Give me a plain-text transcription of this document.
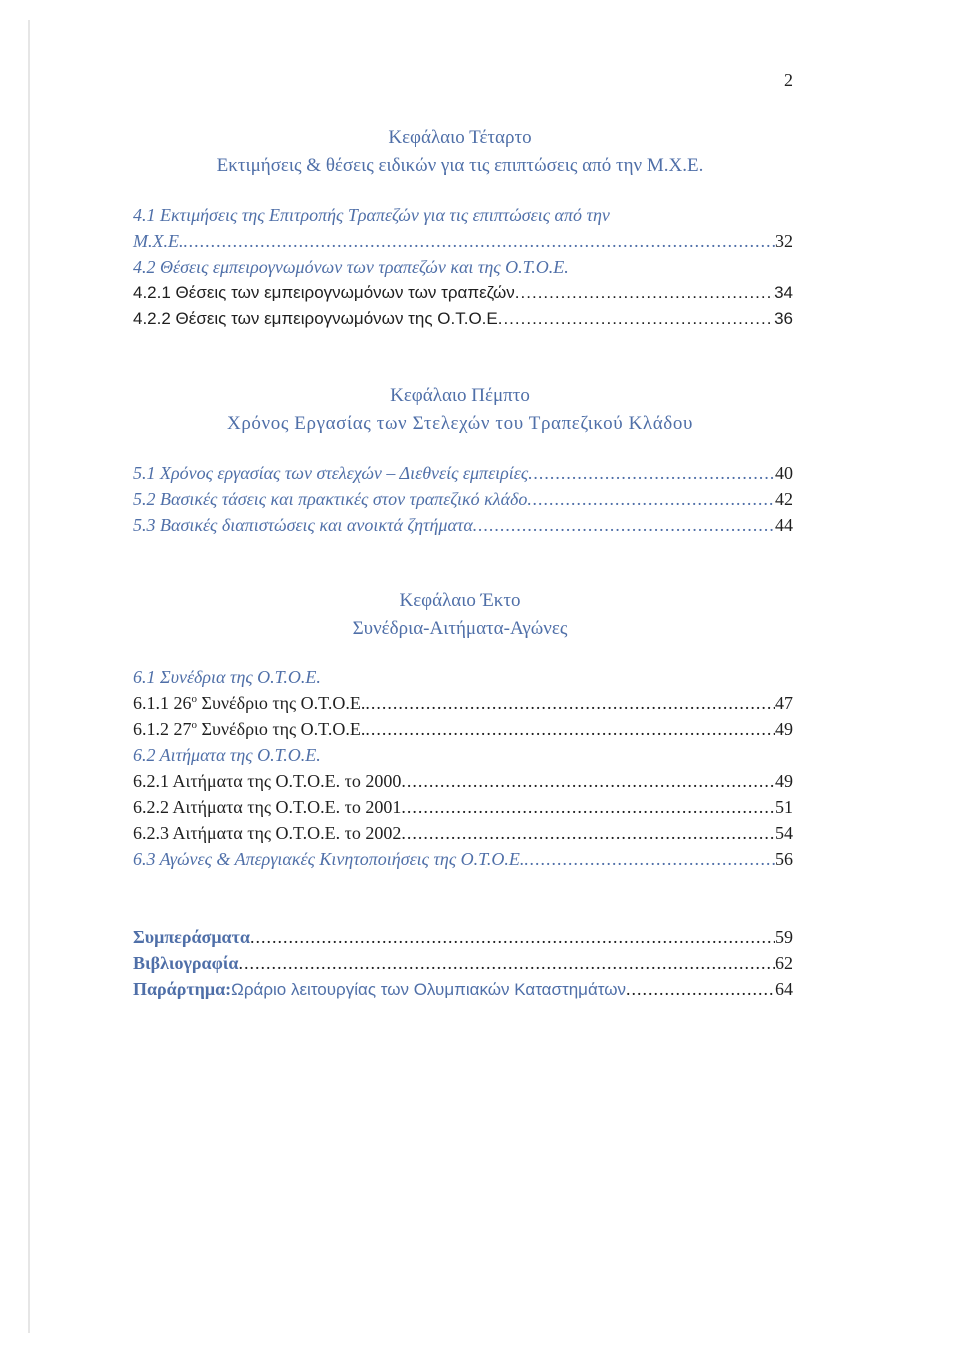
2
Κεφάλαιο Τέταρτο
Εκτιμήσεις & θέσεις ειδικών για τις επιπτώσεις από την Μ.Χ.Ε.
4.1 Εκτιμήσεις της Επιτροπής Τραπεζών για τις επιπτώσεις από την
Μ.Χ.Ε. .....	32
4.2 Θέσεις εμπειρογνωμόνων των τραπεζών και της Ο.Τ.Ο.Ε.
4.2.1 Θέσεις των εμπειρογνωμόνων των τραπεζών .....	34
4.2.2 Θέσεις των εμπειρογνωμόνων της Ο.Τ.Ο.Ε .....	36
Κεφάλαιο Πέμπτο
Χρόνος Εργασίας των Στελεχών του Τραπεζικού Κλάδου
5.1 Χρόνος εργασίας των στελεχών – Διεθνείς εμπειρίες .....	40
5.2 Βασικές τάσεις και πρακτικές στον τραπεζικό κλάδο .....	42
5.3 Βασικές διαπιστώσεις και ανοικτά ζητήματα .....	44
Κεφάλαιο Έκτο
Συνέδρια-Αιτήματα-Αγώνες
6.1 Συνέδρια της Ο.Τ.Ο.Ε.
6.1.1 $26^o$ Συνέδριο της Ο.Τ.Ο.Ε. .....	47
6.1.2 $27^o$ Συνέδριο της Ο.Τ.Ο.Ε. .....	49
6.2 Αιτήματα της Ο.Τ.Ο.Ε.
6.2.1 Αιτήματα της Ο.Τ.Ο.Ε. το 2000 .....	49
6.2.2 Αιτήματα της Ο.Τ.Ο.Ε. το 2001 .....	51
6.2.3 Αιτήματα της Ο.Τ.Ο.Ε. το 2002 .....	54
6.3 Αγώνες & Απεργιακές Κινητοποιήσεις της Ο.Τ.Ο.Ε. .....	56
Συμπεράσματα .....	59
Βιβλιογραφία .....	62
Παράρτημα:Ωράριο λειτουργίας των Ολυμπιακών Καταστημάτων .....	64
